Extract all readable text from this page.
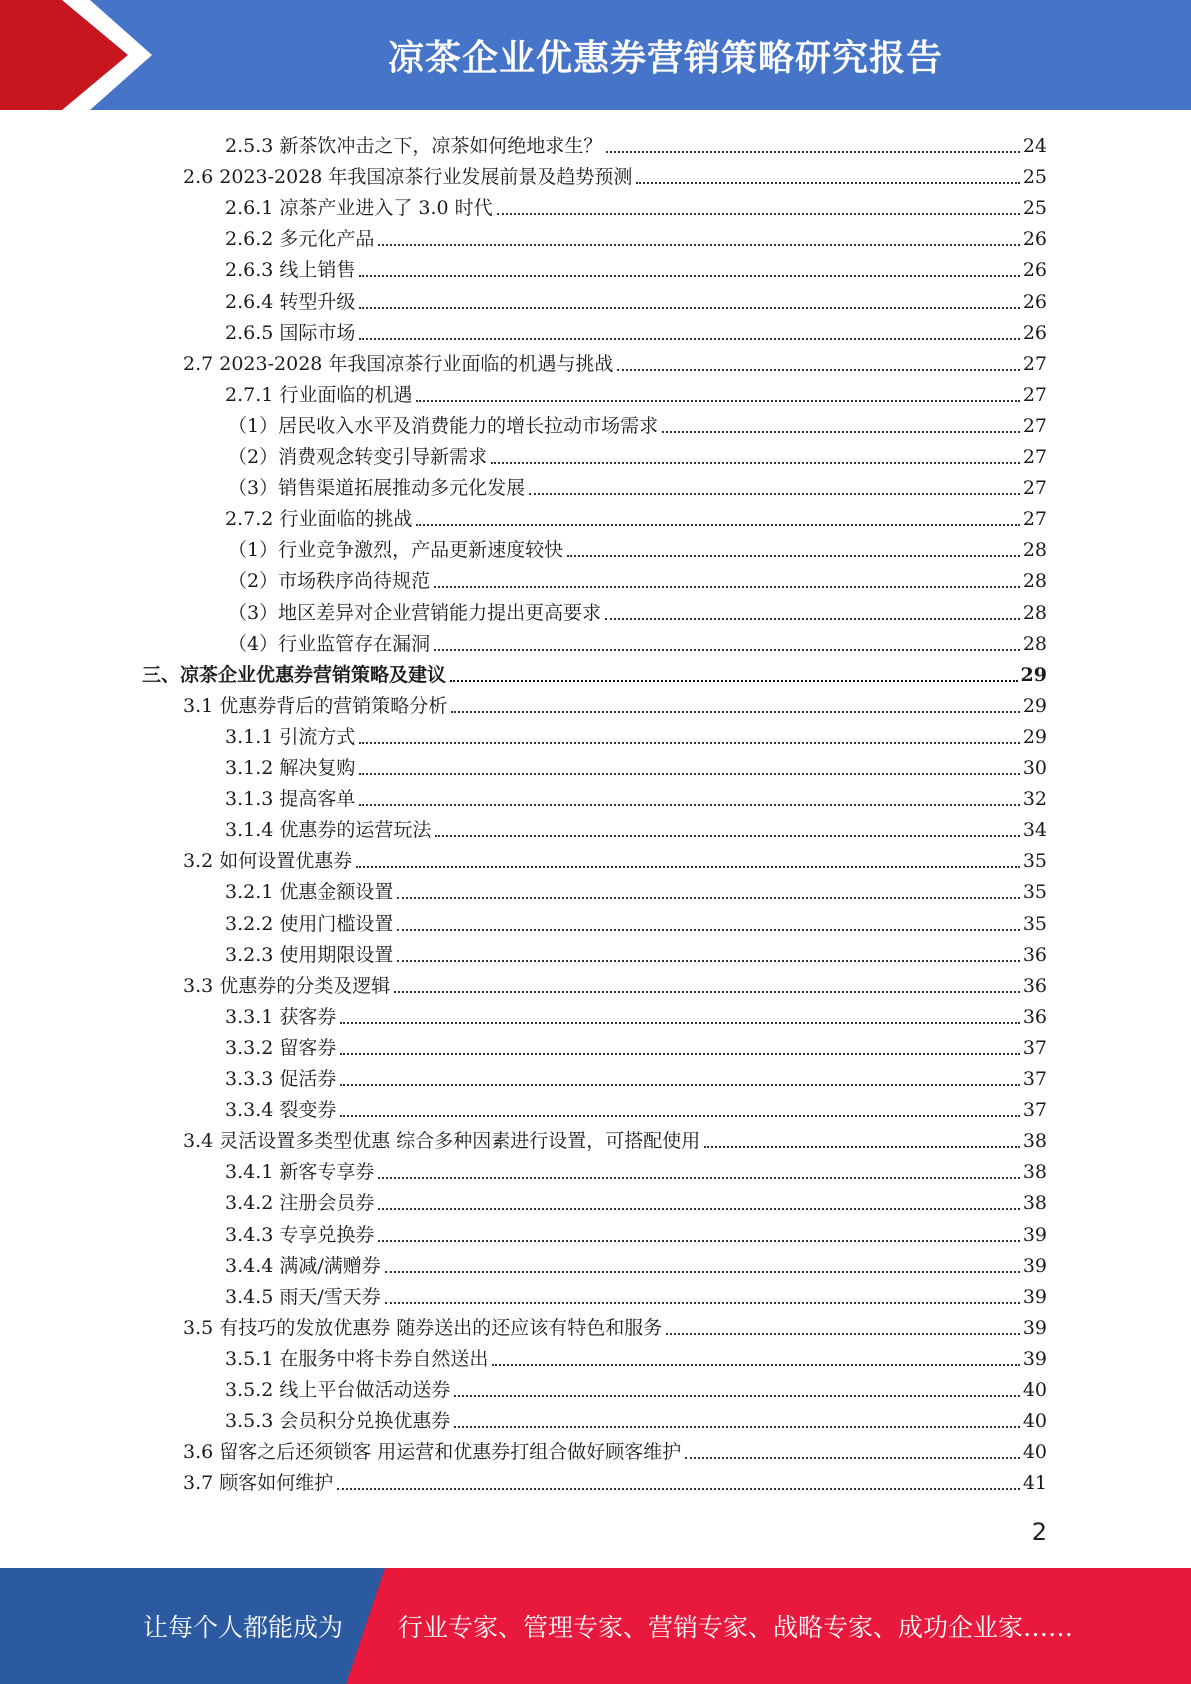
凉茶企业优惠券营销策略研究报告
2.5.3 新茶饮冲击之下，凉茶如何绝地求生？	24
2.6 2023-2028 年我国凉茶行业发展前景及趋势预测	25
2.6.1 凉茶产业进入了 3.0 时代	25
2.6.2 多元化产品	26
2.6.3 线上销售	26
2.6.4 转型升级	26
2.6.5 国际市场	26
2.7 2023-2028 年我国凉茶行业面临的机遇与挑战	27
2.7.1 行业面临的机遇	27
（1）居民收入水平及消费能力的增长拉动市场需求	27
（2）消费观念转变引导新需求	27
（3）销售渠道拓展推动多元化发展	27
2.7.2 行业面临的挑战	27
（1）行业竞争激烈，产品更新速度较快	28
（2）市场秩序尚待规范	28
（3）地区差异对企业营销能力提出更高要求	28
（4）行业监管存在漏洞	28
三、凉茶企业优惠券营销策略及建议	29
3.1 优惠券背后的营销策略分析	29
3.1.1 引流方式	29
3.1.2 解决复购	30
3.1.3 提高客单	32
3.1.4 优惠券的运营玩法	34
3.2 如何设置优惠券	35
3.2.1 优惠金额设置	35
3.2.2 使用门槛设置	35
3.2.3 使用期限设置	36
3.3 优惠券的分类及逻辑	36
3.3.1 获客券	36
3.3.2 留客券	37
3.3.3 促活券	37
3.3.4 裂变券	37
3.4 灵活设置多类型优惠 综合多种因素进行设置，可搭配使用	38
3.4.1 新客专享券	38
3.4.2 注册会员券	38
3.4.3 专享兑换券	39
3.4.4 满减/满赠券	39
3.4.5 雨天/雪天券	39
3.5 有技巧的发放优惠券 随券送出的还应该有特色和服务	39
3.5.1 在服务中将卡券自然送出	39
3.5.2 线上平台做活动送券	40
3.5.3 会员积分兑换优惠券	40
3.6 留客之后还须锁客 用运营和优惠券打组合做好顾客维护	40
3.7 顾客如何维护	41
2
让每个人都能成为 行业专家、管理专家、营销专家、战略专家、成功企业家……
